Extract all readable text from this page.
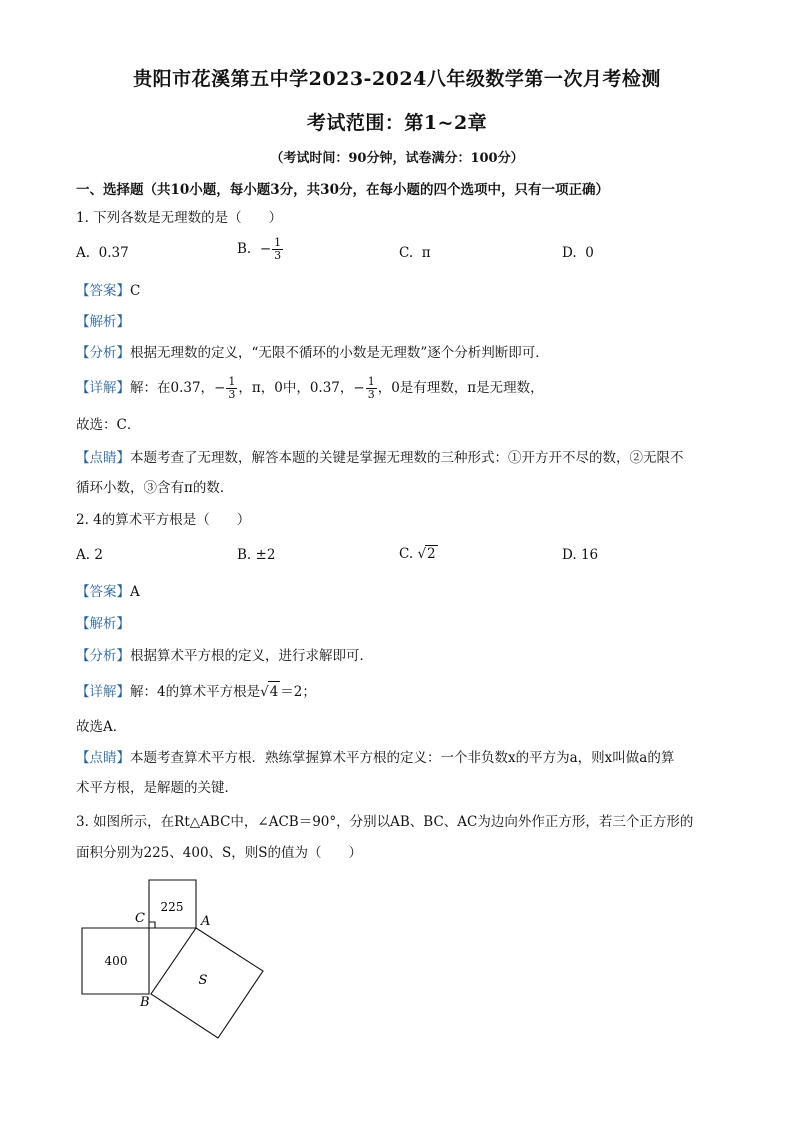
贵阳市花溪第五中学2023-2024八年级数学第一次月考检测
考试范围：第1~2章
（考试时间：90分钟，试卷满分：100分）
一、选择题（共10小题，每小题3分，共30分，在每小题的四个选项中，只有一项正确）
1. 下列各数是无理数的是（　　）
A. 0.37	B. − $\frac{1}{3}$	C. π	D. 0
【答案】C
【解析】
【分析】根据无理数的定义，“无限不循环的小数是无理数”逐个分析判断即可．
【详解】解：在0.37，− $\frac{1}{3}$ ，π，0中，0.37，− $\frac{1}{3}$ ，0是有理数，π是无理数，
故选：C．
【点睛】本题考查了无理数，解答本题的关键是掌握无理数的三种形式：①开方开不尽的数，②无限不
循环小数，③含有π的数．
2. 4的算术平方根是（　　）
A. 2	B. ±2	C. √2	D. 16
【答案】A
【解析】
【分析】根据算术平方根的定义，进行求解即可．
【详解】解：4的算术平方根是√4 ＝2；
故选A．
【点睛】本题考查算术平方根．熟练掌握算术平方根的定义：一个非负数x的平方为a，则x叫做a的算
术平方根，是解题的关键．
3. 如图所示，在Rt△ABC中，∠ACB＝90°，分别以AB、BC、AC为边向外作正方形，若三个正方形的
面积分别为225、400、S，则S的值为（　　）
225
400
S
A
B
C
